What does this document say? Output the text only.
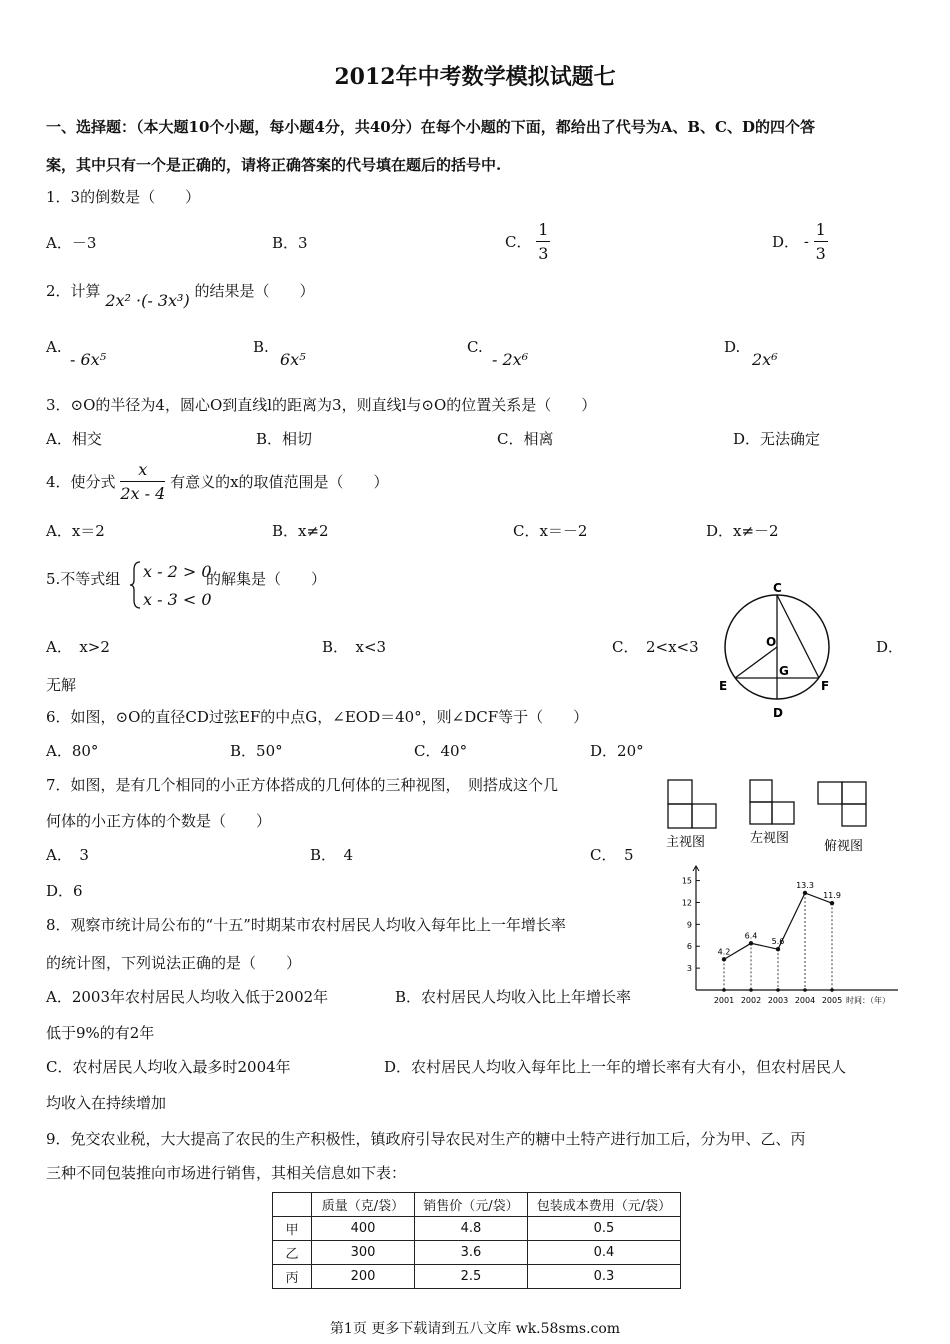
2012年中考数学模拟试题七
一、选择题：（本大题10个小题，每小题4分，共40分）在每个小题的下面，都给出了代号为A、B、C、D的四个答
案，其中只有一个是正确的，请将正确答案的代号填在题后的括号中.
1．3的倒数是（　　）
A．－3	B．3	C． $\frac{1}{3}$	D． - $\frac{1}{3}$
2．计算 2x² ·(- 3x³) 的结果是（　　）
A.
- 6x⁵
B.
6x⁵
C.
- 2x⁶
D.
2x⁶
3．⊙O的半径为4，圆心O到直线l的距离为3，则直线l与⊙O的位置关系是（　　）
A．相交	B．相切	C．相离	D．无法确定
4．使分式 $\frac{x}{2x - 4}$ 有意义的x的取值范围是（　　）
A．x＝2	B．x≠2	C．x＝－2	D．x≠－2
5.不等式组 x - 2 > 0
x - 3 < 0
的解集是（　　）
A．　x>2	B．　x<3	C．　2<x<3	D．
无解
C
O
G
E	F
D
6．如图，⊙O的直径CD过弦EF的中点G，∠EOD＝40°，则∠DCF等于（　　）
A．80°	B．50°	C．40°	D．20°
7．如图，是有几个相同的小正方体搭成的几何体的三种视图，　则搭成这个几
何体的小正方体的个数是（　　）
A．　3	B．　4	C．　5
D．6
主视图	左视图
俯视图
8．观察市统计局公布的“十五”时期某市农村居民人均收入每年比上一年增长率
的统计图，下列说法正确的是（　　）
A．2003年农村居民人均收入低于2002年	B．农村居民人均收入比上年增长率
低于9%的有2年
C．农村居民人均收入最多时2004年	D．农村居民人均收入每年比上一年的增长率有大有小，但农村居民人
均收入在持续增加
3
6
9
12
15
2001 2002 2003 2004 2005 时间：（年）
4.2
6.4
5.6
13.3
11.9
9．免交农业税，大大提高了农民的生产积极性，镇政府引导农民对生产的糖中土特产进行加工后，分为甲、乙、丙
三种不同包装推向市场进行销售，其相关信息如下表：
	质量（克/袋）	销售价（元/袋）	包装成本费用（元/袋）
甲	400	4.8	0.5
乙	300	3.6	0.4
丙	200	2.5	0.3
第1页 更多下载请到五八文库 wk.58sms.com
